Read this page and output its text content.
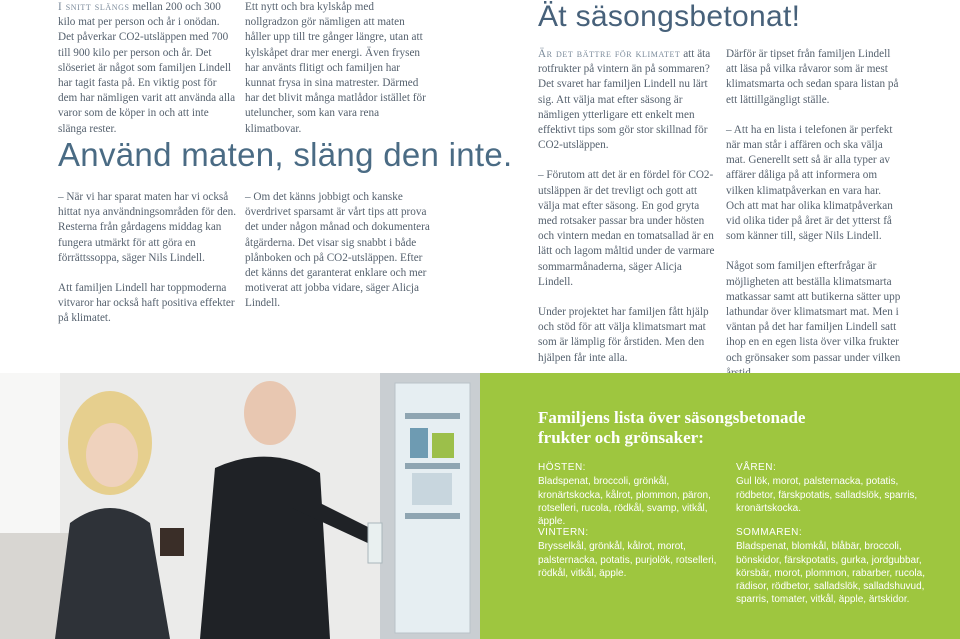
I snitt slängs mellan 200 och 300 kilo mat per person och år i onödan. Det påverkar CO2-utsläppen med 700 till 900 kilo per person och år. Det slöseriet är något som familjen Lindell har tagit fasta på. En viktig post för dem har nämligen varit att använda alla varor som de köper in och att inte slänga rester.

– När vi har sparat maten har vi också hittat nya användningsområden för den. Resterna från gårdagens middag kan fungera utmärkt för att göra en förrättssoppa, säger Nils Lindell.

Att familjen Lindell har toppmoderna vitvaror har också haft positiva effekter på klimatet.

Ett nytt och bra kylskåp med nollgradzon gör nämligen att maten håller upp till tre gånger längre, utan att kylskåpet drar mer energi. Även frysen har använts flitigt och familjen har kunnat frysa in sina matrester. Därmed har det blivit många matlådor istället för uteluncher, som kan vara rena klimatbovar.

– Om det känns jobbigt och kanske överdrivet sparsamt är vårt tips att prova det under någon månad och dokumentera åtgärderna. Det visar sig snabbt i både plånboken och på CO2-utsläppen. Efter det känns det garanterat enklare och mer motiverat att jobba vidare, säger Alicja Lindell.

Använd maten, släng den inte.
Ät säsongsbetonat!

Är det bättre för klimatet att äta rotfrukter på vintern än på sommaren? Det svaret har familjen Lindell nu lärt sig. Att välja mat efter säsong är nämligen ytterligare ett enkelt men effektivt tips som gör stor skillnad för CO2-utsläppen.

– Förutom att det är en fördel för CO2-utsläppen är det trevligt och gott att välja mat efter säsong. En god gryta med rotsaker passar bra under hösten och vintern medan en tomatsallad är en lätt och lagom måltid under de varmare sommarmånaderna, säger Alicja Lindell.

Under projektet har familjen fått hjälp och stöd för att välja klimatsmart mat som är lämplig för årstiden. Men den hjälpen får inte alla.

Därför är tipset från familjen Lindell att läsa på vilka råvaror som är mest klimatsmarta och sedan spara listan på ett lättillgängligt ställe.

– Att ha en lista i telefonen är perfekt när man står i affären och ska välja mat. Generellt sett så är alla typer av affärer dåliga på att informera om vilken klimatpåverkan en vara har. Och att mat har olika klimatpåverkan vid olika tider på året är det ytterst få som känner till, säger Nils Lindell.

Något som familjen efterfrågar är möjligheten att beställa klimatsmarta matkassar samt att butikerna sätter upp lathundar över klimatsmart mat. Men i väntan på det har familjen Lindell satt ihop en en egen lista över vilka frukter och grönsaker som passar under vilken

Familjens lista över säsongsbetonade frukter och grönsaker:
HÖSTEN:
Bladspenat, broccoli, grönkål, kronärtskocka, kålrot, plommon, päron, rotselleri, rucola, rödkål, svamp, vitkål, äpple.
VÅREN:
Gul lök, morot, palsternacka, potatis, rödbetor, färskpotatis, salladslök, sparris, kronärtskocka.
VINTERN:
Brysselkål, grönkål, kålrot, morot, palsternacka, potatis, purjolök, rotselleri, rödkål, vitkål, äpple.
SOMMAREN:
Bladspenat, blomkål, blåbär, broccoli, bönskidor, färskpotatis, gurka, jordgubbar, körsbär, morot, plommon, rabarber, rucola, rädisor, rödbetor, salladslök, salladshuvud, sparris, tomater, vitkål, äpple, ärtskidor.
